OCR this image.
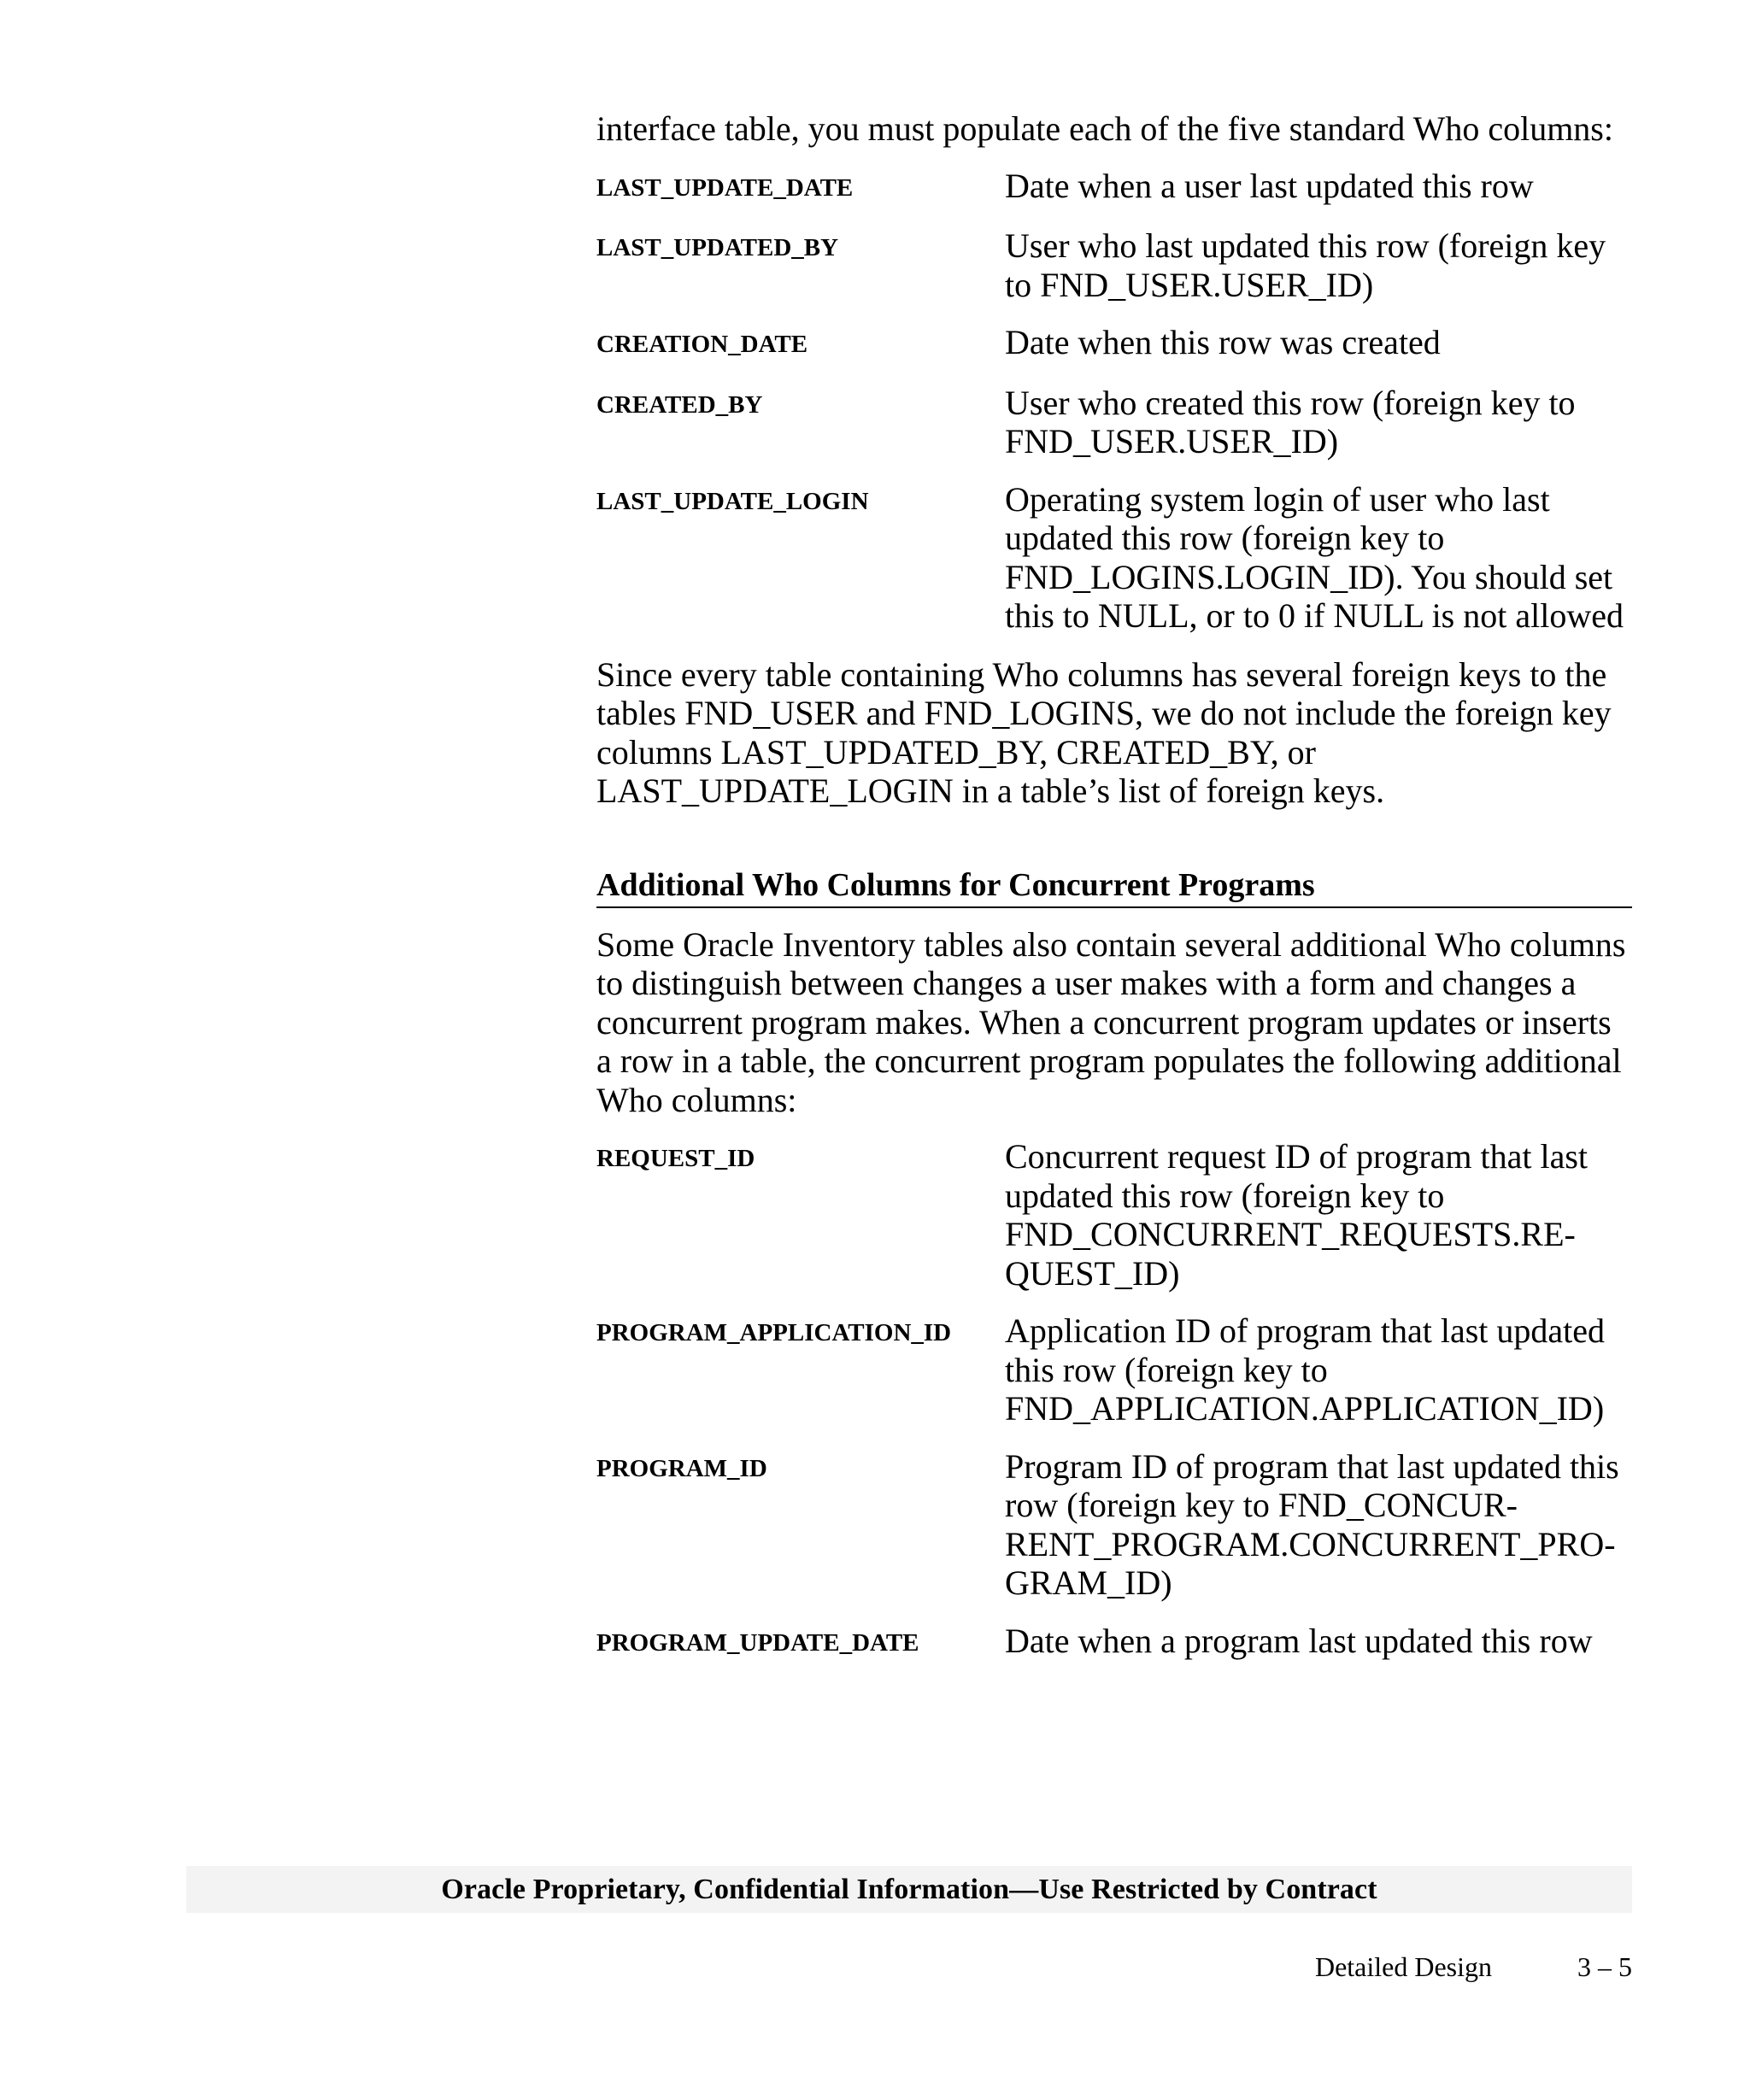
interface table, you must populate each of the five standard Who columns:

LAST_UPDATE_DATE	Date when a user last updated this row
LAST_UPDATED_BY	User who last updated this row (foreign key to FND_USER.USER_ID)
CREATION_DATE	Date when this row was created
CREATED_BY	User who created this row (foreign key to FND_USER.USER_ID)
LAST_UPDATE_LOGIN	Operating system login of user who last updated this row (foreign key to FND_LOGINS.LOGIN_ID). You should set this to NULL, or to 0 if NULL is not allowed

Since every table containing Who columns has several foreign keys to the tables FND_USER and FND_LOGINS, we do not include the foreign key columns LAST_UPDATED_BY, CREATED_BY, or LAST_UPDATE_LOGIN in a table’s list of foreign keys.

Additional Who Columns for Concurrent Programs

Some Oracle Inventory tables also contain several additional Who columns to distinguish between changes a user makes with a form and changes a concurrent program makes. When a concurrent program updates or inserts a row in a table, the concurrent program populates the following additional Who columns:

REQUEST_ID	Concurrent request ID of program that last updated this row (foreign key to
FND_CONCURRENT_REQUESTS.RE-
QUEST_ID)
PROGRAM_APPLICATION_ID	Application ID of program that last updated this row (foreign key to
FND_APPLICATION.APPLICATION_ID)
PROGRAM_ID	Program ID of program that last updated this row (foreign key to FND_CONCUR-
RENT_PROGRAM.CONCURRENT_PRO-
GRAM_ID)
PROGRAM_UPDATE_DATE	Date when a program last updated this row
Oracle Proprietary, Confidential Information––Use Restricted by Contract
Detailed Design	3 – 5
